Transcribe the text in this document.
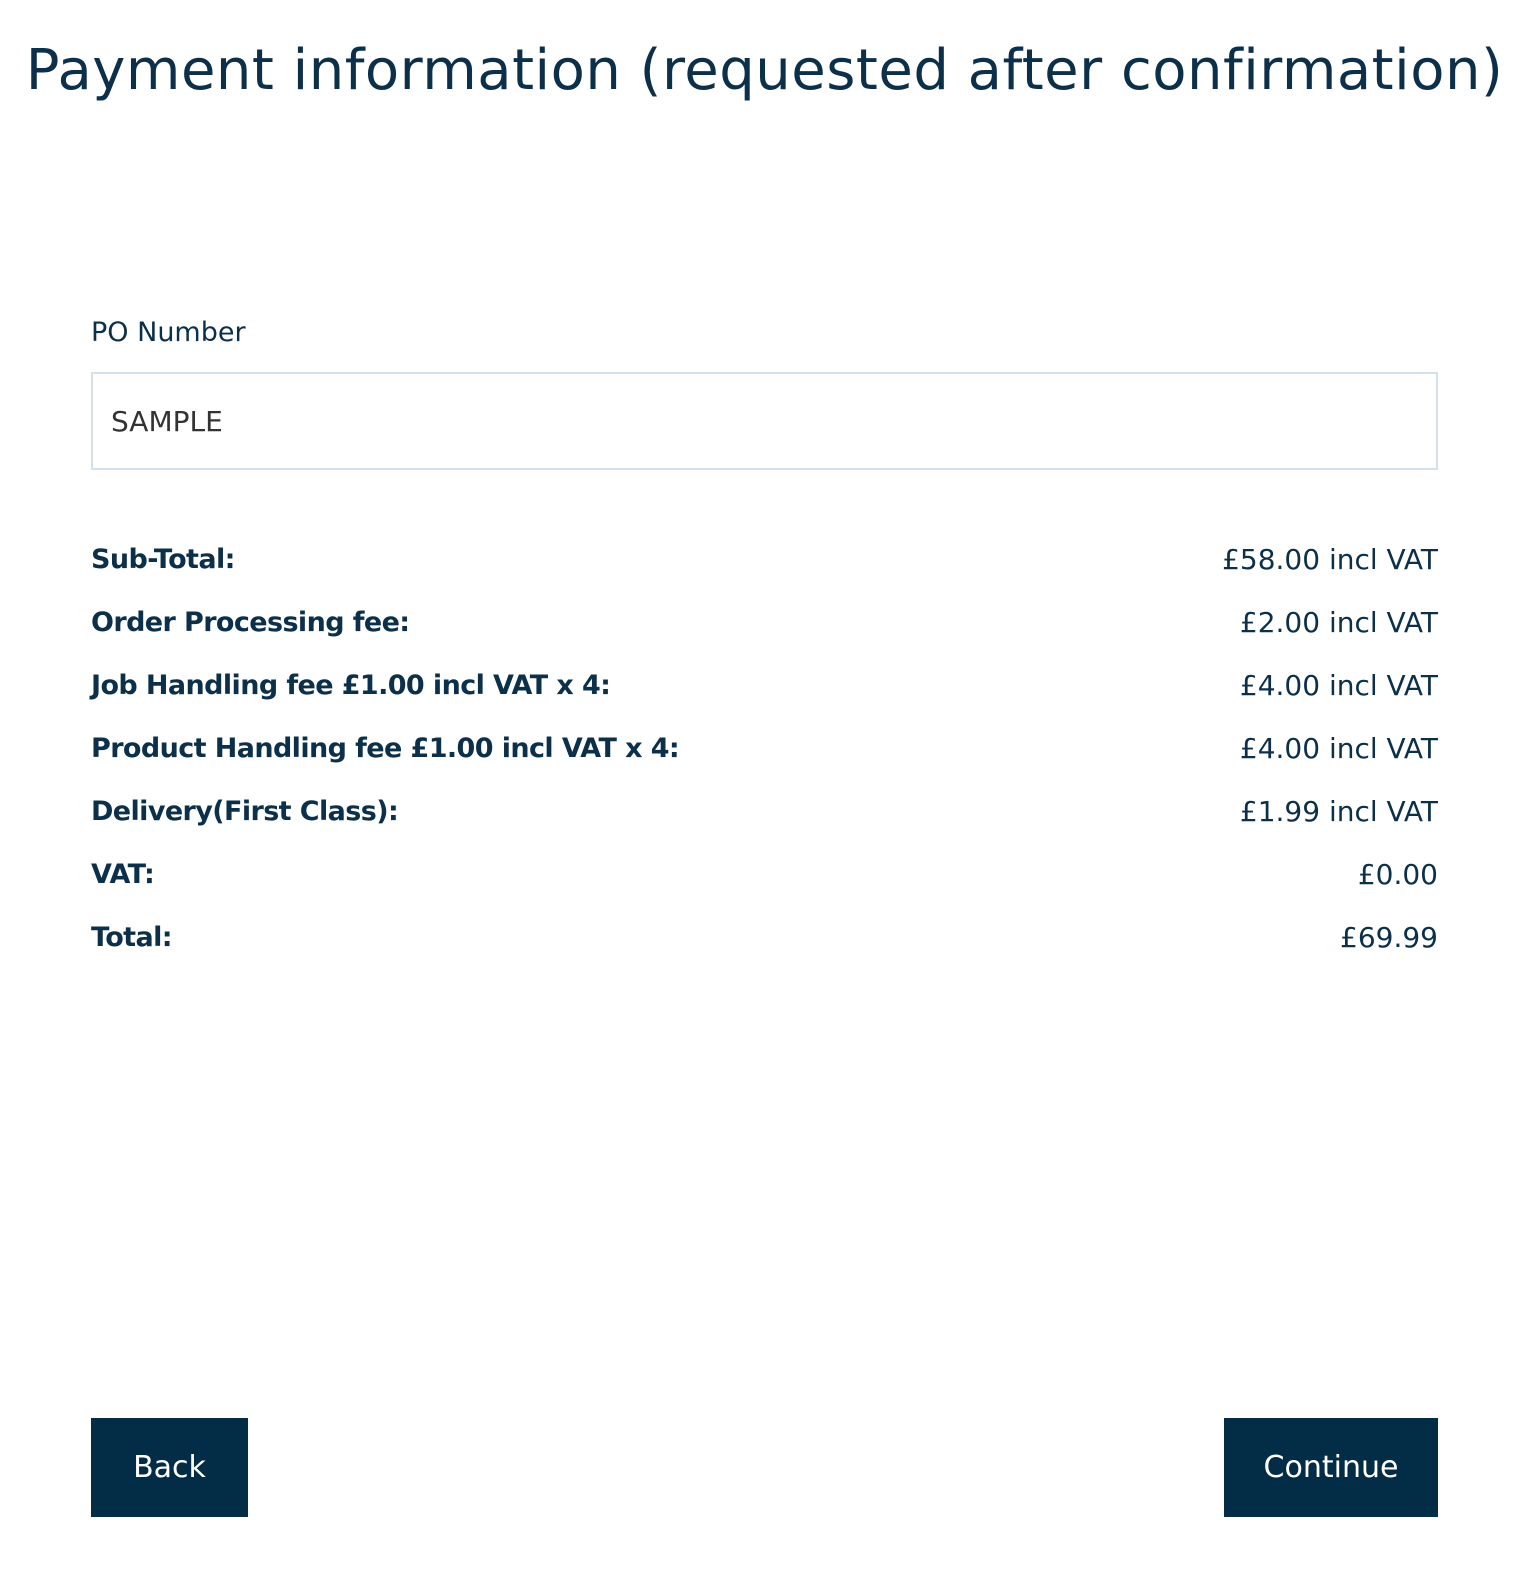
Payment information (requested after confirmation)
PO Number
SAMPLE
Sub-Total:	£58.00 incl VAT
Order Processing fee:	£2.00 incl VAT
Job Handling fee £1.00 incl VAT x 4:	£4.00 incl VAT
Product Handling fee £1.00 incl VAT x 4:	£4.00 incl VAT
Delivery(First Class):	£1.99 incl VAT
VAT:	£0.00
Total:	£69.99
Back	Continue
